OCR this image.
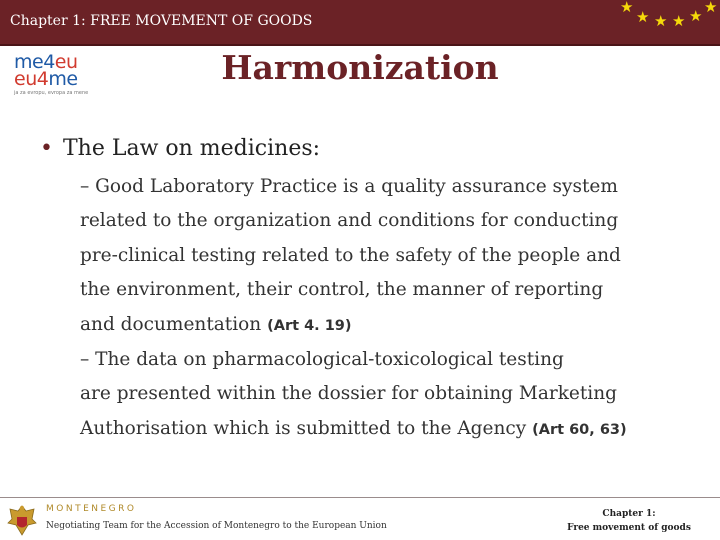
Chapter 1: FREE MOVEMENT OF GOODS
★
★ ★ ★ ★ ★
me4eu
eu4me
ja za evropu, evropa za mene
Harmonization
• The Law on medicines:
– Good Laboratory Practice is a quality assurance system
related to the organization and conditions for conducting
pre-clinical testing related to the safety of the people and
the environment, their control, the manner of reporting
and documentation (Art 4. 19)
– The data on pharmacological-toxicological testing
are presented within the dossier for obtaining Marketing
Authorisation which is submitted to the Agency (Art 60, 63)
MONTENEGRO
Negotiating Team for the Accession of Montenegro to the European Union
Chapter 1:
Free movement of goods
